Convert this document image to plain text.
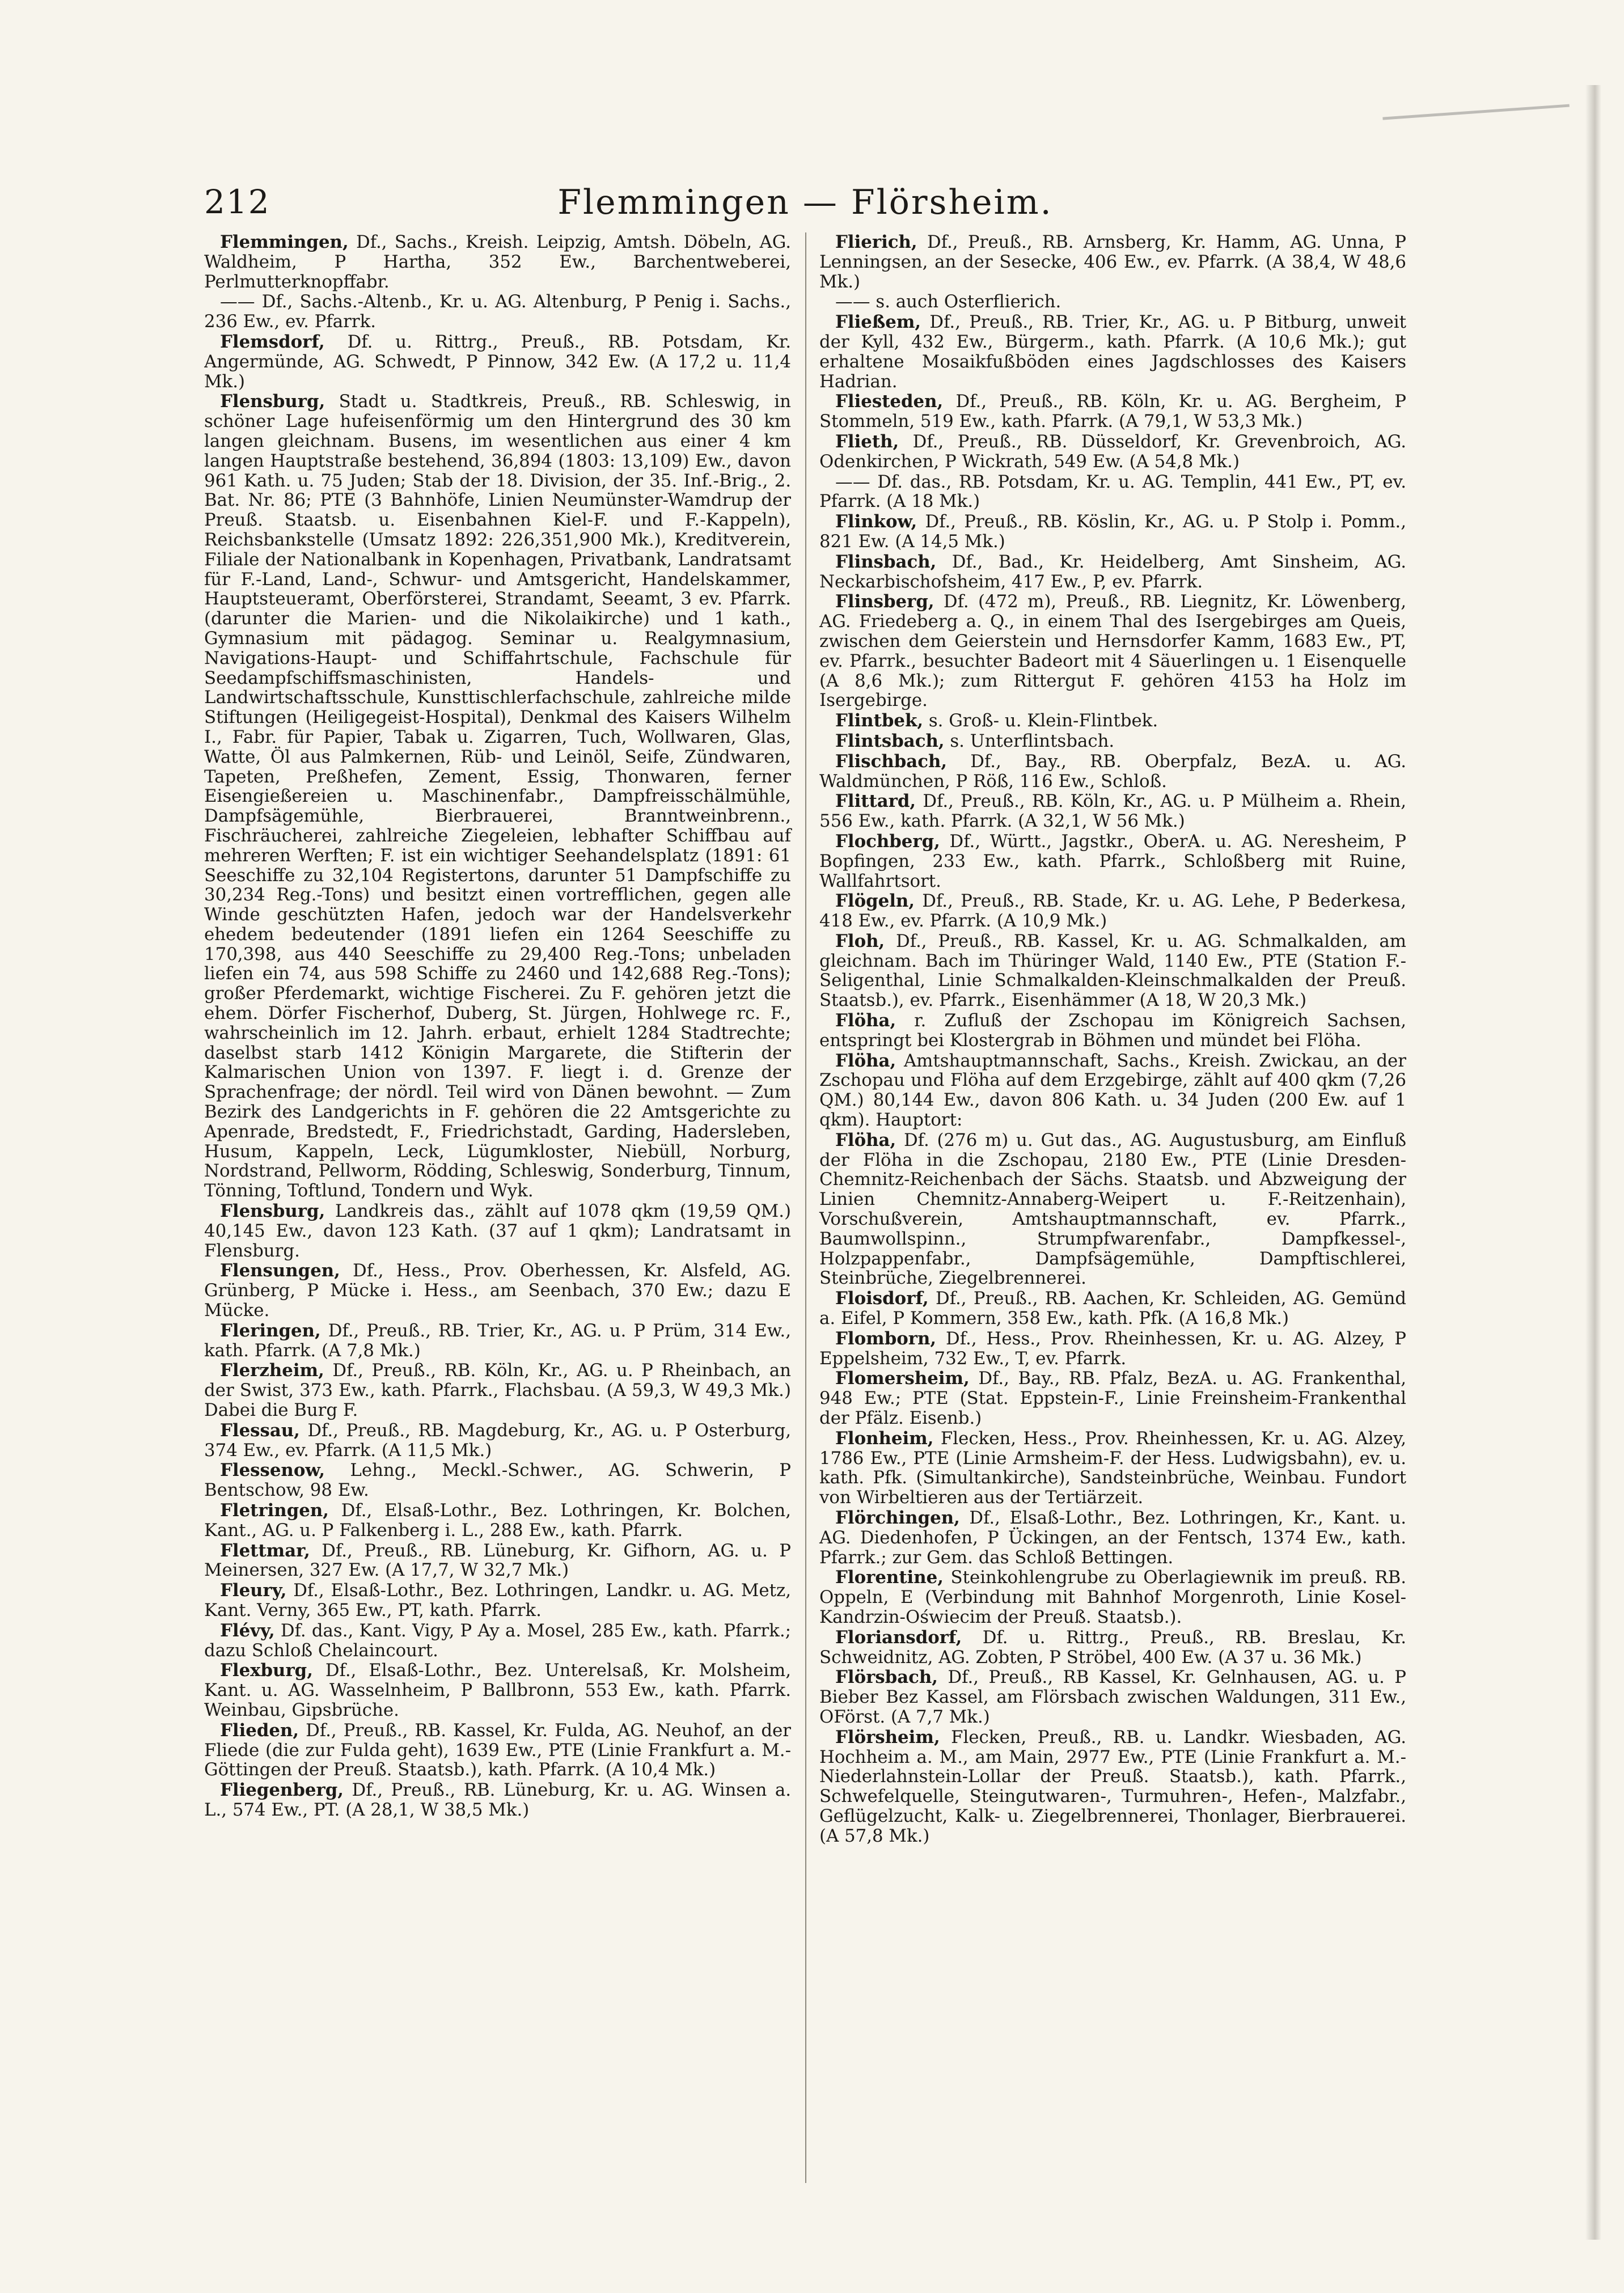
212	Flemmingen — Flörsheim.

Flemmingen, Df., Sachs., Kreish. Leipzig, Amtsh. Döbeln, AG. Waldheim, P Hartha, 352 Ew., Barchentweberei, Perlmutterknopffabr.

—— Df., Sachs.-Altenb., Kr. u. AG. Altenburg, P Penig i. Sachs., 236 Ew., ev. Pfarrk.

Flemsdorf, Df. u. Rittrg., Preuß., RB. Potsdam, Kr. Angermünde, AG. Schwedt, P Pinnow, 342 Ew. (A 17,2 u. 11,4 Mk.)

Flensburg, Stadt u. Stadtkreis, Preuß., RB. Schleswig, in schöner Lage hufeisenförmig um den Hintergrund des 30 km langen gleichnam. Busens, im wesentlichen aus einer 4 km langen Hauptstraße bestehend, 36,894 (1803: 13,109) Ew., davon 961 Kath. u. 75 Juden; Stab der 18. Division, der 35. Inf.-Brig., 2. Bat. Nr. 86; PTE (3 Bahnhöfe, Linien Neumünster-Wamdrup der Preuß. Staatsb. u. Eisenbahnen Kiel-F. und F.-Kappeln), Reichsbankstelle (Umsatz 1892: 226,351,900 Mk.), Kreditverein, Filiale der Nationalbank in Kopenhagen, Privatbank, Landratsamt für F.-Land, Land-, Schwur- und Amtsgericht, Handelskammer, Hauptsteueramt, Oberförsterei, Strandamt, Seeamt, 3 ev. Pfarrk. (darunter die Marien- und die Nikolaikirche) und 1 kath., Gymnasium mit pädagog. Seminar u. Realgymnasium, Navigations-Haupt- und Schiffahrtschule, Fachschule für Seedampfschiffsmaschinisten, Handels- und Landwirtschaftsschule, Kunsttischlerfachschule, zahlreiche milde Stiftungen (Heiligegeist-Hospital), Denkmal des Kaisers Wilhelm I., Fabr. für Papier, Tabak u. Zigarren, Tuch, Wollwaren, Glas, Watte, Öl aus Palmkernen, Rüb- und Leinöl, Seife, Zündwaren, Tapeten, Preßhefen, Zement, Essig, Thonwaren, ferner Eisengießereien u. Maschinenfabr., Dampfreisschälmühle, Dampfsägemühle, Bierbrauerei, Branntweinbrenn., Fischräucherei, zahlreiche Ziegeleien, lebhafter Schiffbau auf mehreren Werften; F. ist ein wichtiger Seehandelsplatz (1891: 61 Seeschiffe zu 32,104 Registertons, darunter 51 Dampfschiffe zu 30,234 Reg.-Tons) und besitzt einen vortrefflichen, gegen alle Winde geschützten Hafen, jedoch war der Handelsverkehr ehedem bedeutender (1891 liefen ein 1264 Seeschiffe zu 170,398, aus 440 Seeschiffe zu 29,400 Reg.-Tons; unbeladen liefen ein 74, aus 598 Schiffe zu 2460 und 142,688 Reg.-Tons); großer Pferdemarkt, wichtige Fischerei. Zu F. gehören jetzt die ehem. Dörfer Fischerhof, Duberg, St. Jürgen, Hohlwege rc. F., wahrscheinlich im 12. Jahrh. erbaut, erhielt 1284 Stadtrechte; daselbst starb 1412 Königin Margarete, die Stifterin der Kalmarischen Union von 1397. F. liegt i. d. Grenze der Sprachenfrage; der nördl. Teil wird von Dänen bewohnt. — Zum Bezirk des Landgerichts in F. gehören die 22 Amtsgerichte zu Apenrade, Bredstedt, F., Friedrichstadt, Garding, Hadersleben, Husum, Kappeln, Leck, Lügumkloster, Niebüll, Norburg, Nordstrand, Pellworm, Rödding, Schleswig, Sonderburg, Tinnum, Tönning, Toftlund, Tondern und Wyk.

Flensburg, Landkreis das., zählt auf 1078 qkm (19,59 QM.) 40,145 Ew., davon 123 Kath. (37 auf 1 qkm); Landratsamt in Flensburg.

Flensungen, Df., Hess., Prov. Oberhessen, Kr. Alsfeld, AG. Grünberg, P Mücke i. Hess., am Seenbach, 370 Ew.; dazu E Mücke.

Fleringen, Df., Preuß., RB. Trier, Kr., AG. u. P Prüm, 314 Ew., kath. Pfarrk. (A 7,8 Mk.)

Flerzheim, Df., Preuß., RB. Köln, Kr., AG. u. P Rheinbach, an der Swist, 373 Ew., kath. Pfarrk., Flachsbau. (A 59,3, W 49,3 Mk.) Dabei die Burg F.

Flessau, Df., Preuß., RB. Magdeburg, Kr., AG. u. P Osterburg, 374 Ew., ev. Pfarrk. (A 11,5 Mk.)

Flessenow, Lehng., Meckl.-Schwer., AG. Schwerin, P Bentschow, 98 Ew.

Fletringen, Df., Elsaß-Lothr., Bez. Lothringen, Kr. Bolchen, Kant., AG. u. P Falkenberg i. L., 288 Ew., kath. Pfarrk.

Flettmar, Df., Preuß., RB. Lüneburg, Kr. Gifhorn, AG. u. P Meinersen, 327 Ew. (A 17,7, W 32,7 Mk.)

Fleury, Df., Elsaß-Lothr., Bez. Lothringen, Landkr. u. AG. Metz, Kant. Verny, 365 Ew., PT, kath. Pfarrk.

Flévy, Df. das., Kant. Vigy, P Ay a. Mosel, 285 Ew., kath. Pfarrk.; dazu Schloß Chelaincourt.

Flexburg, Df., Elsaß-Lothr., Bez. Unterelsaß, Kr. Molsheim, Kant. u. AG. Wasselnheim, P Ballbronn, 553 Ew., kath. Pfarrk. Weinbau, Gipsbrüche.

Flieden, Df., Preuß., RB. Kassel, Kr. Fulda, AG. Neuhof, an der Fliede (die zur Fulda geht), 1639 Ew., PTE (Linie Frankfurt a. M.-Göttingen der Preuß. Staatsb.), kath. Pfarrk. (A 10,4 Mk.)

Fliegenberg, Df., Preuß., RB. Lüneburg, Kr. u. AG. Winsen a. L., 574 Ew., PT. (A 28,1, W 38,5 Mk.)

Flierich, Df., Preuß., RB. Arnsberg, Kr. Hamm, AG. Unna, P Lenningsen, an der Sesecke, 406 Ew., ev. Pfarrk. (A 38,4, W 48,6 Mk.)

—— s. auch Osterflierich.

Fließem, Df., Preuß., RB. Trier, Kr., AG. u. P Bitburg, unweit der Kyll, 432 Ew., Bürgerm., kath. Pfarrk. (A 10,6 Mk.); gut erhaltene Mosaikfußböden eines Jagdschlosses des Kaisers Hadrian.

Fliesteden, Df., Preuß., RB. Köln, Kr. u. AG. Bergheim, P Stommeln, 519 Ew., kath. Pfarrk. (A 79,1, W 53,3 Mk.)

Flieth, Df., Preuß., RB. Düsseldorf, Kr. Grevenbroich, AG. Odenkirchen, P Wickrath, 549 Ew. (A 54,8 Mk.)

—— Df. das., RB. Potsdam, Kr. u. AG. Templin, 441 Ew., PT, ev. Pfarrk. (A 18 Mk.)

Flinkow, Df., Preuß., RB. Köslin, Kr., AG. u. P Stolp i. Pomm., 821 Ew. (A 14,5 Mk.)

Flinsbach, Df., Bad., Kr. Heidelberg, Amt Sinsheim, AG. Neckarbischofsheim, 417 Ew., P, ev. Pfarrk.

Flinsberg, Df. (472 m), Preuß., RB. Liegnitz, Kr. Löwenberg, AG. Friedeberg a. Q., in einem Thal des Isergebirges am Queis, zwischen dem Geierstein und Hernsdorfer Kamm, 1683 Ew., PT, ev. Pfarrk., besuchter Badeort mit 4 Säuerlingen u. 1 Eisenquelle (A 8,6 Mk.); zum Rittergut F. gehören 4153 ha Holz im Isergebirge.

Flintbek, s. Groß- u. Klein-Flintbek.

Flintsbach, s. Unterflintsbach.

Flischbach, Df., Bay., RB. Oberpfalz, BezA. u. AG. Waldmünchen, P Röß, 116 Ew., Schloß.

Flittard, Df., Preuß., RB. Köln, Kr., AG. u. P Mülheim a. Rhein, 556 Ew., kath. Pfarrk. (A 32,1, W 56 Mk.)

Flochberg, Df., Württ., Jagstkr., OberA. u. AG. Neresheim, P Bopfingen, 233 Ew., kath. Pfarrk., Schloßberg mit Ruine, Wallfahrtsort.

Flögeln, Df., Preuß., RB. Stade, Kr. u. AG. Lehe, P Bederkesa, 418 Ew., ev. Pfarrk. (A 10,9 Mk.)

Floh, Df., Preuß., RB. Kassel, Kr. u. AG. Schmalkalden, am gleichnam. Bach im Thüringer Wald, 1140 Ew., PTE (Station F.-Seligenthal, Linie Schmalkalden-Kleinschmalkalden der Preuß. Staatsb.), ev. Pfarrk., Eisenhämmer (A 18, W 20,3 Mk.)

Flöha, r. Zufluß der Zschopau im Königreich Sachsen, entspringt bei Klostergrab in Böhmen und mündet bei Flöha.

Flöha, Amtshauptmannschaft, Sachs., Kreish. Zwickau, an der Zschopau und Flöha auf dem Erzgebirge, zählt auf 400 qkm (7,26 QM.) 80,144 Ew., davon 806 Kath. u. 34 Juden (200 Ew. auf 1 qkm). Hauptort:

Flöha, Df. (276 m) u. Gut das., AG. Augustusburg, am Einfluß der Flöha in die Zschopau, 2180 Ew., PTE (Linie Dresden-Chemnitz-Reichenbach der Sächs. Staatsb. und Abzweigung der Linien Chemnitz-Annaberg-Weipert u. F.-Reitzenhain), Vorschußverein, Amtshauptmannschaft, ev. Pfarrk., Baumwollspinn., Strumpfwarenfabr., Dampfkessel-, Holzpappenfabr., Dampfsägemühle, Dampftischlerei, Steinbrüche, Ziegelbrennerei.

Floisdorf, Df., Preuß., RB. Aachen, Kr. Schleiden, AG. Gemünd a. Eifel, P Kommern, 358 Ew., kath. Pfk. (A 16,8 Mk.)

Flomborn, Df., Hess., Prov. Rheinhessen, Kr. u. AG. Alzey, P Eppelsheim, 732 Ew., T, ev. Pfarrk.

Flomersheim, Df., Bay., RB. Pfalz, BezA. u. AG. Frankenthal, 948 Ew.; PTE (Stat. Eppstein-F., Linie Freinsheim-Frankenthal der Pfälz. Eisenb.)

Flonheim, Flecken, Hess., Prov. Rheinhessen, Kr. u. AG. Alzey, 1786 Ew., PTE (Linie Armsheim-F. der Hess. Ludwigsbahn), ev. u. kath. Pfk. (Simultankirche), Sandsteinbrüche, Weinbau. Fundort von Wirbeltieren aus der Tertiärzeit.

Flörchingen, Df., Elsaß-Lothr., Bez. Lothringen, Kr., Kant. u. AG. Diedenhofen, P Ückingen, an der Fentsch, 1374 Ew., kath. Pfarrk.; zur Gem. das Schloß Bettingen.

Florentine, Steinkohlengrube zu Oberlagiewnik im preuß. RB. Oppeln, E (Verbindung mit Bahnhof Morgenroth, Linie Kosel-Kandrzin-Oświecim der Preuß. Staatsb.).

Floriansdorf, Df. u. Rittrg., Preuß., RB. Breslau, Kr. Schweidnitz, AG. Zobten, P Ströbel, 400 Ew. (A 37 u. 36 Mk.)

Flörsbach, Df., Preuß., RB Kassel, Kr. Gelnhausen, AG. u. P Bieber Bez Kassel, am Flörsbach zwischen Waldungen, 311 Ew., OFörst. (A 7,7 Mk.)

Flörsheim, Flecken, Preuß., RB. u. Landkr. Wiesbaden, AG. Hochheim a. M., am Main, 2977 Ew., PTE (Linie Frankfurt a. M.-Niederlahnstein-Lollar der Preuß. Staatsb.), kath. Pfarrk., Schwefelquelle, Steingutwaren-, Turmuhren-, Hefen-, Malzfabr., Geflügelzucht, Kalk- u. Ziegelbrennerei, Thonlager, Bierbrauerei. (A 57,8 Mk.)
